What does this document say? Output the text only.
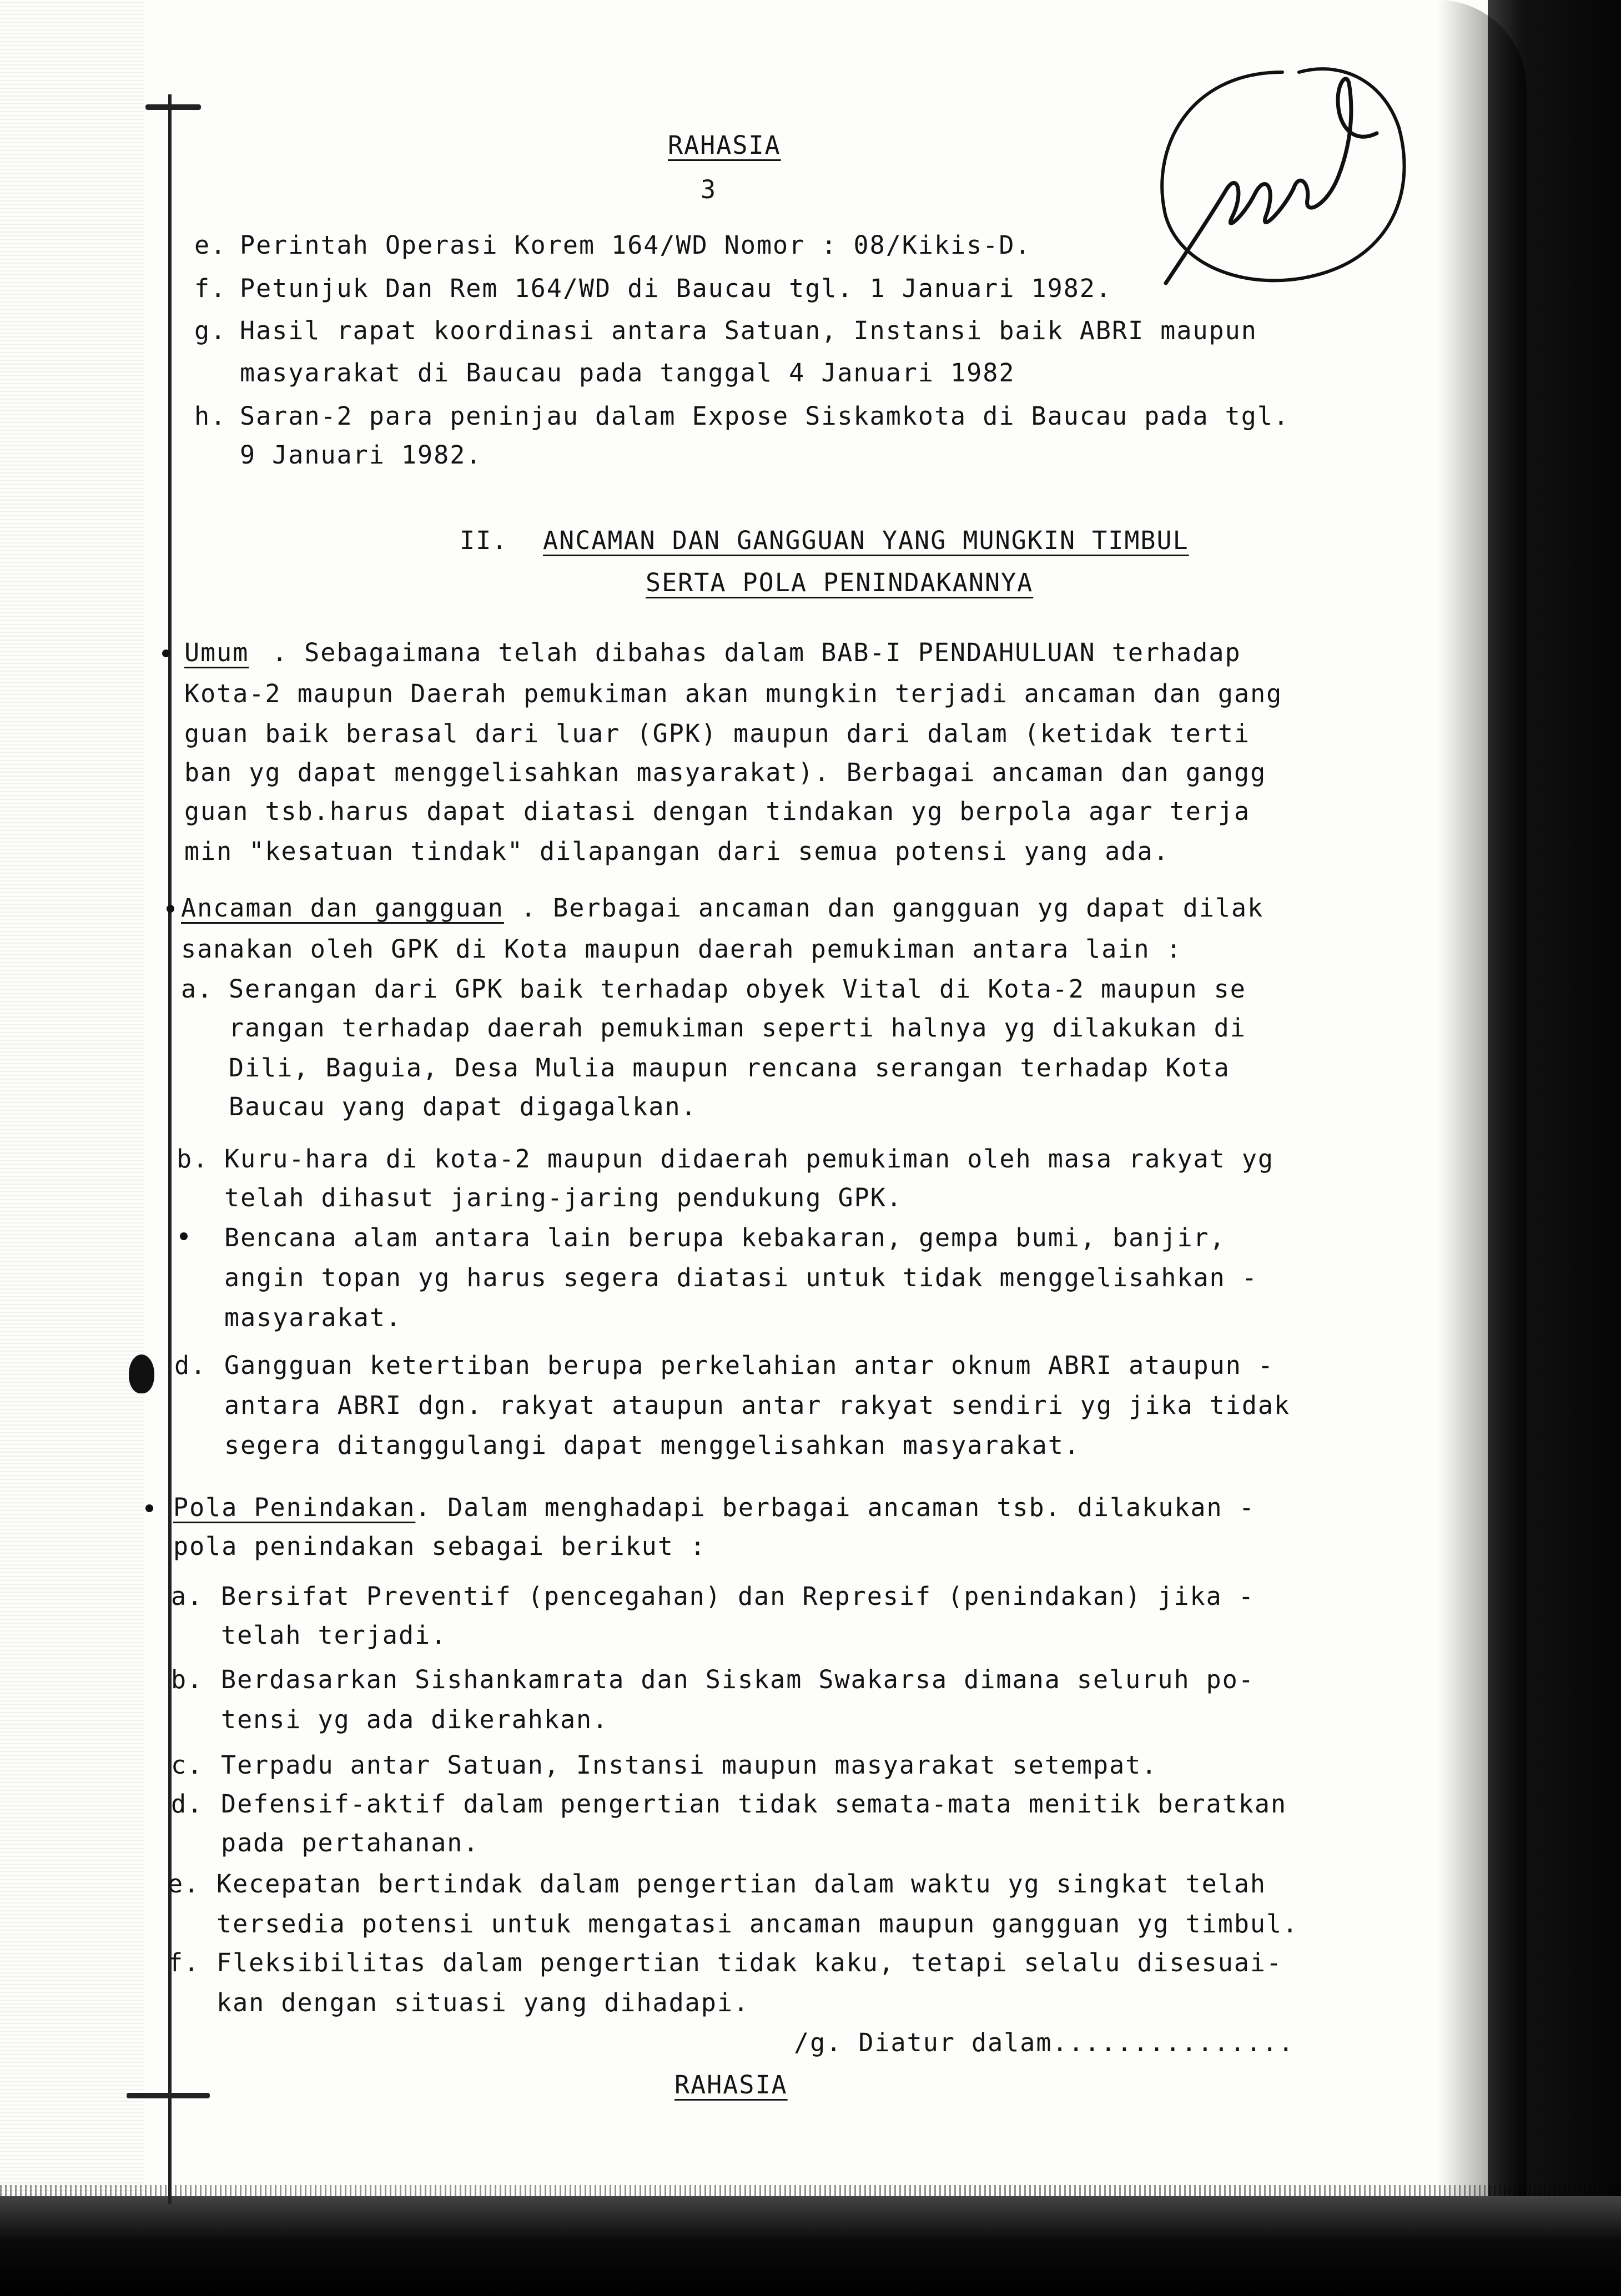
RAHASIA
3
e. Perintah Operasi Korem 164/WD Nomor : 08/Kikis-D.
f. Petunjuk Dan Rem 164/WD di Baucau tgl. 1 Januari 1982.
g. Hasil rapat koordinasi antara Satuan, Instansi baik ABRI maupun
masyarakat di Baucau pada tanggal 4 Januari 1982
h. Saran-2 para peninjau dalam Expose Siskamkota di Baucau pada tgl.
9 Januari 1982.
II. ANCAMAN DAN GANGGUAN YANG MUNGKIN TIMBUL
SERTA POLA PENINDAKANNYA
Umum . Sebagaimana telah dibahas dalam BAB-I PENDAHULUAN terhadap
Kota-2 maupun Daerah pemukiman akan mungkin terjadi ancaman dan gang
guan baik berasal dari luar (GPK) maupun dari dalam (ketidak terti
ban yg dapat menggelisahkan masyarakat). Berbagai ancaman dan gangg
guan tsb.harus dapat diatasi dengan tindakan yg berpola agar terja
min "kesatuan tindak" dilapangan dari semua potensi yang ada.
Ancaman dan gangguan . Berbagai ancaman dan gangguan yg dapat dilak
sanakan oleh GPK di Kota maupun daerah pemukiman antara lain :
a. Serangan dari GPK baik terhadap obyek Vital di Kota-2 maupun se
rangan terhadap daerah pemukiman seperti halnya yg dilakukan di
Dili, Baguia, Desa Mulia maupun rencana serangan terhadap Kota
Baucau yang dapat digagalkan.
b. Kuru-hara di kota-2 maupun didaerah pemukiman oleh masa rakyat yg
telah dihasut jaring-jaring pendukung GPK.
Bencana alam antara lain berupa kebakaran, gempa bumi, banjir,
angin topan yg harus segera diatasi untuk tidak menggelisahkan -
masyarakat.
d. Gangguan ketertiban berupa perkelahian antar oknum ABRI ataupun -
antara ABRI dgn. rakyat ataupun antar rakyat sendiri yg jika tidak
segera ditanggulangi dapat menggelisahkan masyarakat.
Pola Penindakan . Dalam menghadapi berbagai ancaman tsb. dilakukan -
pola penindakan sebagai berikut :
a. Bersifat Preventif (pencegahan) dan Represif (penindakan) jika -
telah terjadi.
b. Berdasarkan Sishankamrata dan Siskam Swakarsa dimana seluruh po-
tensi yg ada dikerahkan.
c. Terpadu antar Satuan, Instansi maupun masyarakat setempat.
d. Defensif-aktif dalam pengertian tidak semata-mata menitik beratkan
pada pertahanan.
e. Kecepatan bertindak dalam pengertian dalam waktu yg singkat telah
tersedia potensi untuk mengatasi ancaman maupun gangguan yg timbul.
f. Fleksibilitas dalam pengertian tidak kaku, tetapi selalu disesuai-
kan dengan situasi yang dihadapi.
/g. Diatur dalam...............
RAHASIA
